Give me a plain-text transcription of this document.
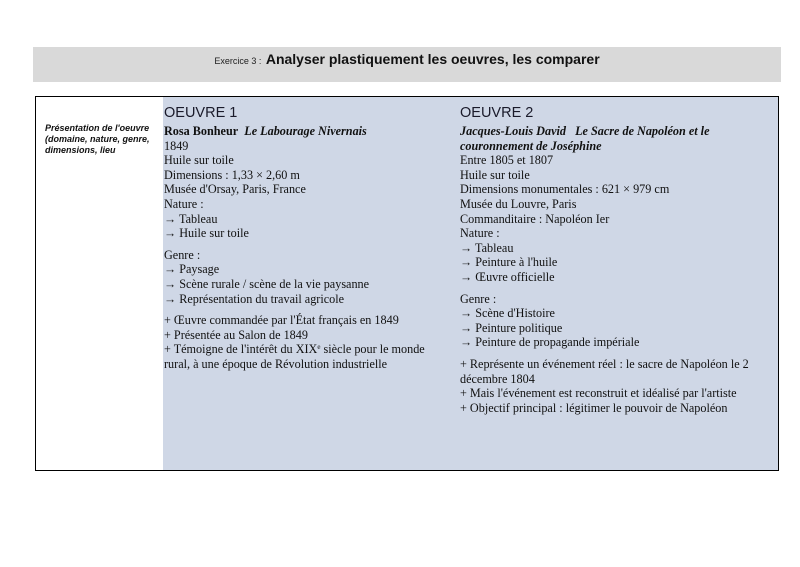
Exercice 3 : Analyser plastiquement les oeuvres, les comparer
Présentation de l'oeuvre
(domaine, nature, genre,
dimensions, lieu
OEUVRE 1
Rosa Bonheur Le Labourage Nivernais
1849
Huile sur toile
Dimensions : 1,33 × 2,60 m
Musée d'Orsay, Paris, France
Nature :
→ Tableau
→ Huile sur toile
Genre :
→ Paysage
→ Scène rurale / scène de la vie paysanne
→ Représentation du travail agricole
+ Œuvre commandée par l'État français en 1849
+ Présentée au Salon de 1849
+ Témoigne de l'intérêt du XIXe siècle pour le monde
rural, à une époque de Révolution industrielle
OEUVRE 2
Jacques-Louis David Le Sacre de Napoléon et le
couronnement de Joséphine
Entre 1805 et 1807
Huile sur toile
Dimensions monumentales : 621 × 979 cm
Musée du Louvre, Paris
Commanditaire : Napoléon Ier
Nature :
→ Tableau
→ Peinture à l'huile
→ Œuvre officielle
Genre :
→ Scène d'Histoire
→ Peinture politique
→ Peinture de propagande impériale
+ Représente un événement réel : le sacre de Napoléon le 2
décembre 1804
+ Mais l'événement est reconstruit et idéalisé par l'artiste
+ Objectif principal : légitimer le pouvoir de Napoléon
